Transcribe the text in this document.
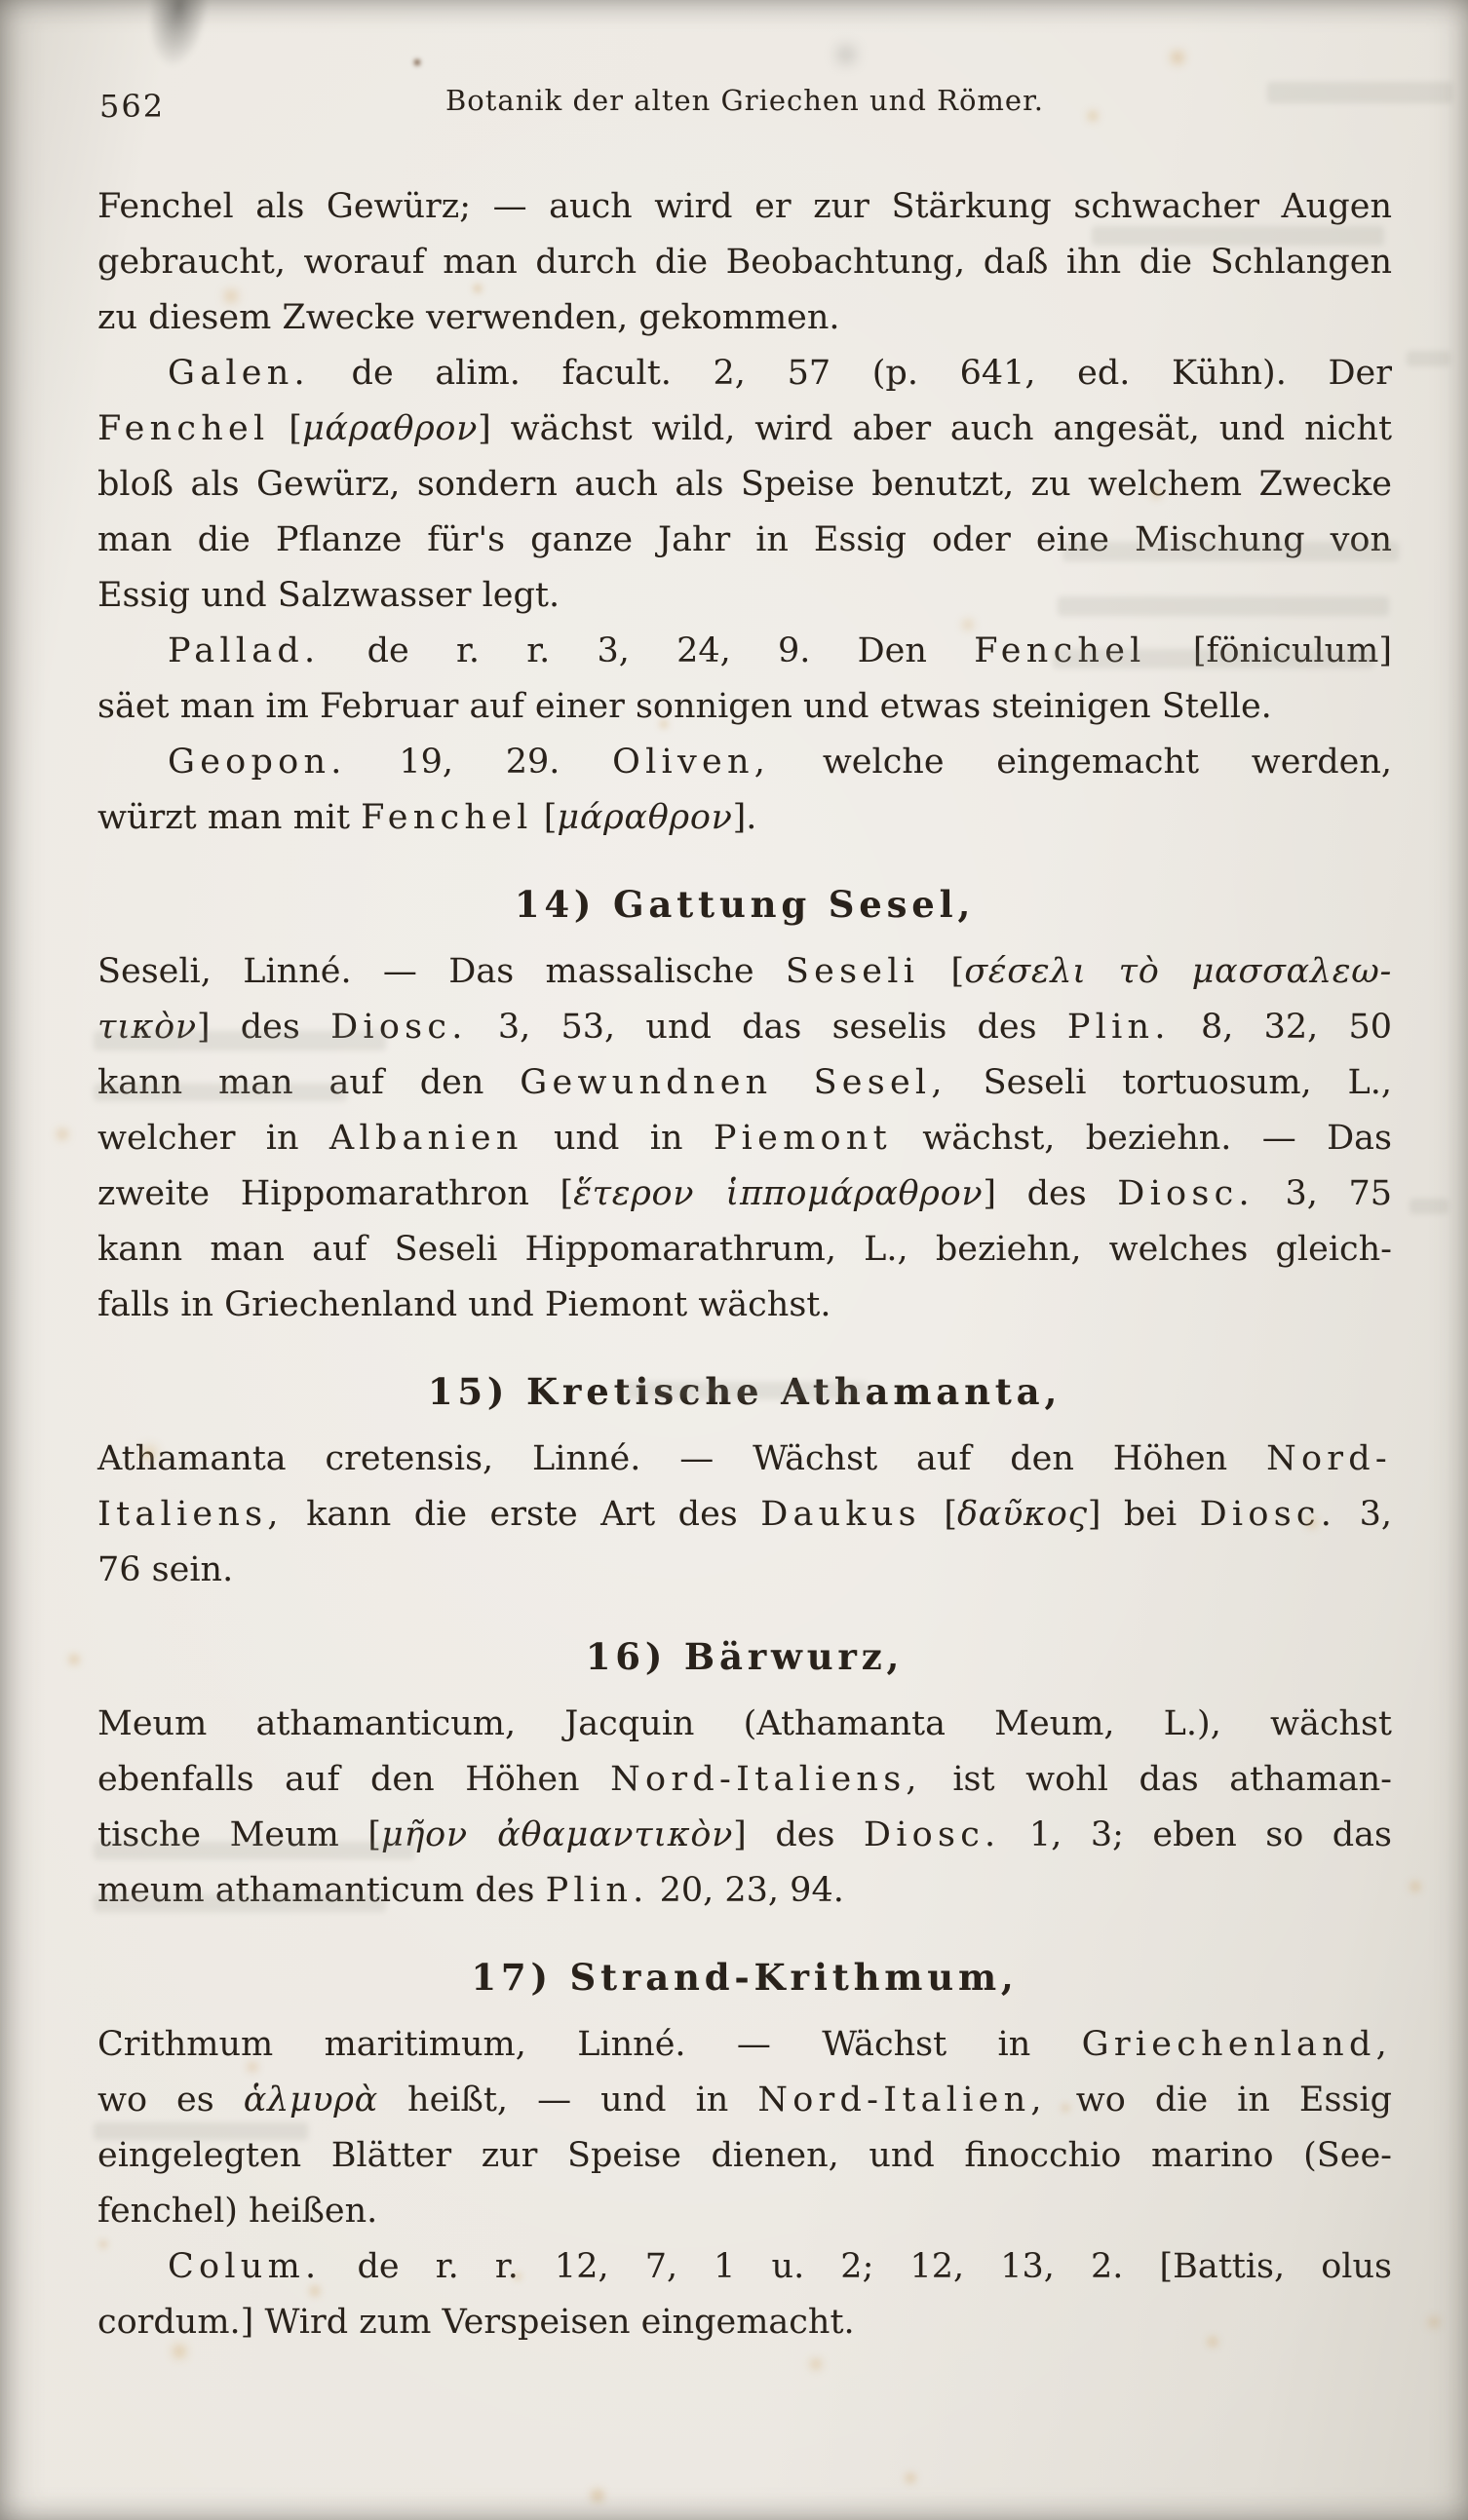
562	Botanik der alten Griechen und Römer.
Fenchel als Gewürz; — auch wird er zur Stärkung schwacher Augen
gebraucht, worauf man durch die Beobachtung, daß ihn die Schlangen
zu diesem Zwecke verwenden, gekommen.
Galen. de alim. facult. 2, 57 (p. 641, ed. Kühn). Der
Fenchel [μάραθρον] wächst wild, wird aber auch angesät, und nicht
bloß als Gewürz, sondern auch als Speise benutzt, zu welchem Zwecke
man die Pflanze für's ganze Jahr in Essig oder eine Mischung von
Essig und Salzwasser legt.
Pallad. de r. r. 3, 24, 9. Den Fenchel [föniculum]
säet man im Februar auf einer sonnigen und etwas steinigen Stelle.
Geopon. 19, 29. Oliven, welche eingemacht werden,
würzt man mit Fenchel [μάραθρον].
14) Gattung Sesel,
Seseli, Linné. — Das massalische Seseli [σέσελι τὸ μασσαλεω-
τικὸν] des Diosc. 3, 53, und das seselis des Plin. 8, 32, 50
kann man auf den Gewundnen Sesel, Seseli tortuosum, L.,
welcher in Albanien und in Piemont wächst, beziehn. — Das
zweite Hippomarathron [ἕτερον ἱππομάραθρον] des Diosc. 3, 75
kann man auf Seseli Hippomarathrum, L., beziehn, welches gleich-
falls in Griechenland und Piemont wächst.
15) Kretische Athamanta,
Athamanta cretensis, Linné. — Wächst auf den Höhen Nord-
Italiens, kann die erste Art des Daukus [δαῦκος] bei Diosc. 3,
76 sein.
16) Bärwurz,
Meum athamanticum, Jacquin (Athamanta Meum, L.), wächst
ebenfalls auf den Höhen Nord-Italiens, ist wohl das athaman-
tische Meum [μῆον ἀθαμαντικὸν] des Diosc. 1, 3; eben so das
meum athamanticum des Plin. 20, 23, 94.
17) Strand-Krithmum,
Crithmum maritimum, Linné. — Wächst in Griechenland,
wo es ἁλμυρὰ heißt, — und in Nord-Italien, wo die in Essig
eingelegten Blätter zur Speise dienen, und finocchio marino (See-
fenchel) heißen.
Colum. de r. r. 12, 7, 1 u. 2; 12, 13, 2. [Battis, olus
cordum.] Wird zum Verspeisen eingemacht.
